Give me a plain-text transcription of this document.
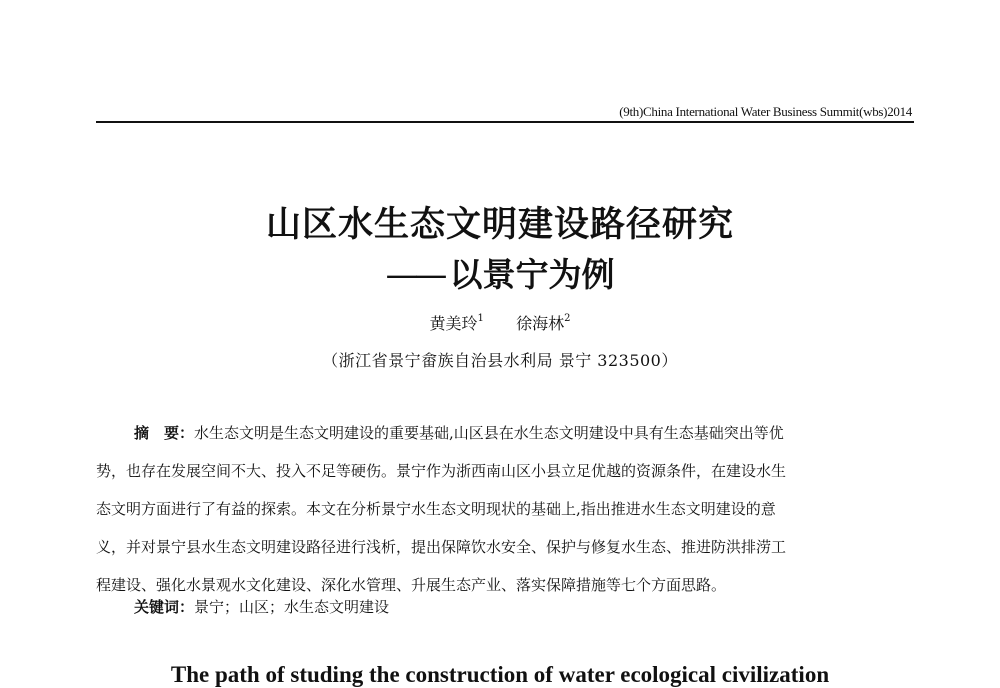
(9th)China International Water Business Summit(wbs)2014
山区水生态文明建设路径研究
—— 以景宁为例
黄美玲$^1$ 徐海林$^2$
（浙江省景宁畲族自治县水利局 景宁 323500）
摘　要：水生态文明是生态文明建设的重要基础,山区县在水生态文明建设中具有生态基础突出等优
势，也存在发展空间不大、投入不足等硬伤。景宁作为浙西南山区小县立足优越的资源条件，在建设水生
态文明方面进行了有益的探索。本文在分析景宁水生态文明现状的基础上,指出推进水生态文明建设的意
义，并对景宁县水生态文明建设路径进行浅析，提出保障饮水安全、保护与修复水生态、推进防洪排涝工
程建设、强化水景观水文化建设、深化水管理、升展生态产业、落实保障措施等七个方面思路。
关键词：景宁；山区；水生态文明建设
The path of studing the construction of water ecological civilization
